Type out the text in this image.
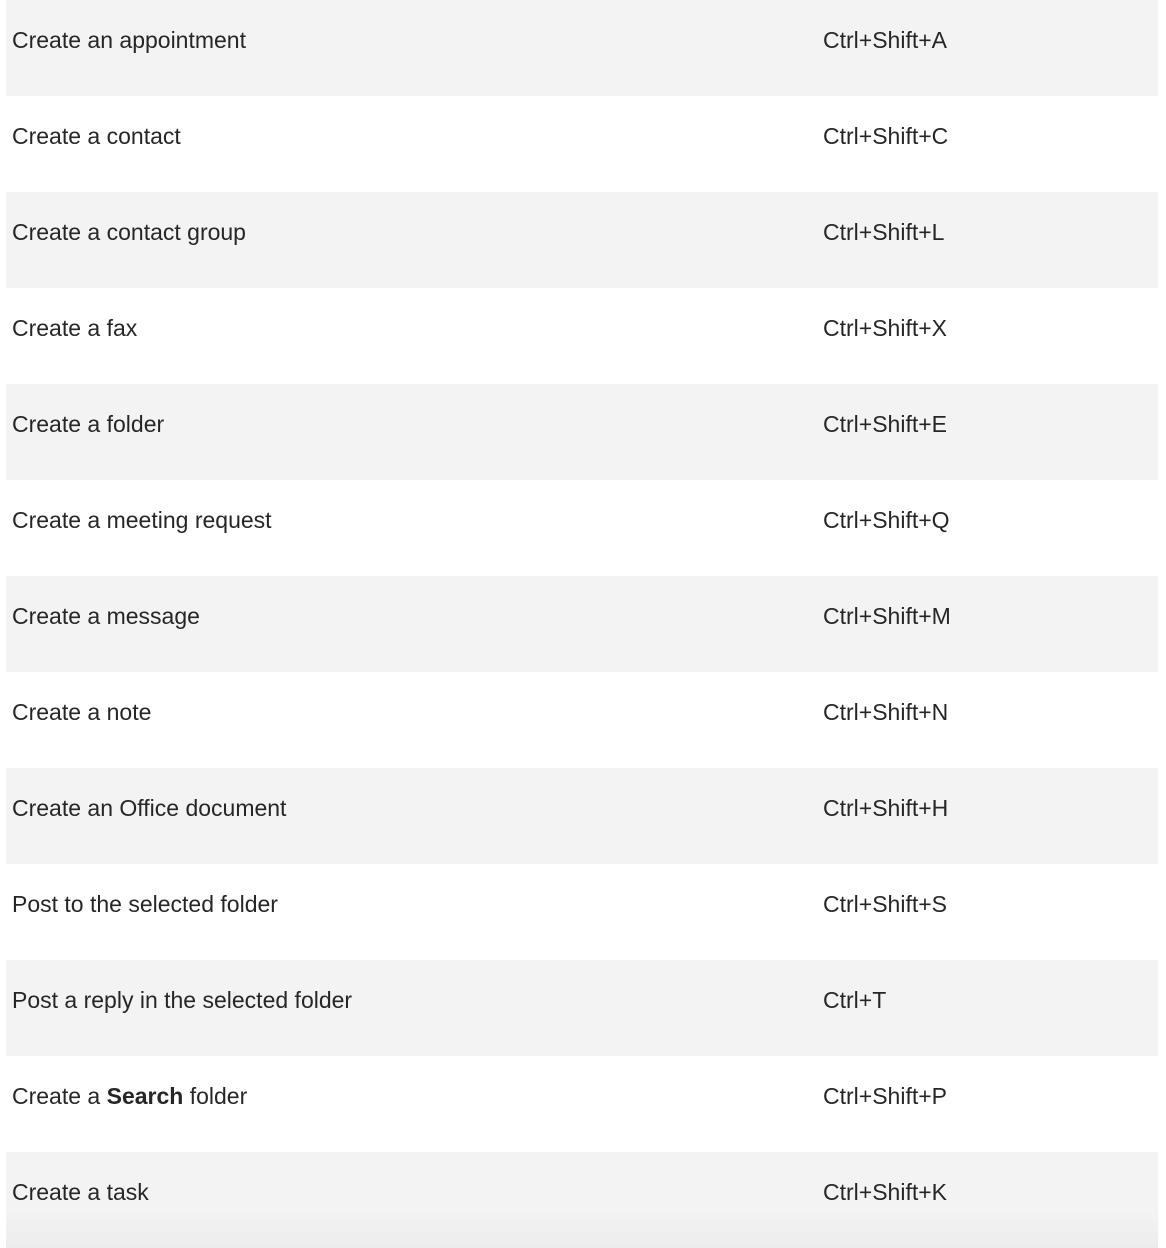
Create an appointment	Ctrl+Shift+A
Create a contact	Ctrl+Shift+C
Create a contact group	Ctrl+Shift+L
Create a fax	Ctrl+Shift+X
Create a folder	Ctrl+Shift+E
Create a meeting request	Ctrl+Shift+Q
Create a message	Ctrl+Shift+M
Create a note	Ctrl+Shift+N
Create an Office document	Ctrl+Shift+H
Post to the selected folder	Ctrl+Shift+S
Post a reply in the selected folder	Ctrl+T
Create a Search folder	Ctrl+Shift+P
Create a task	Ctrl+Shift+K
